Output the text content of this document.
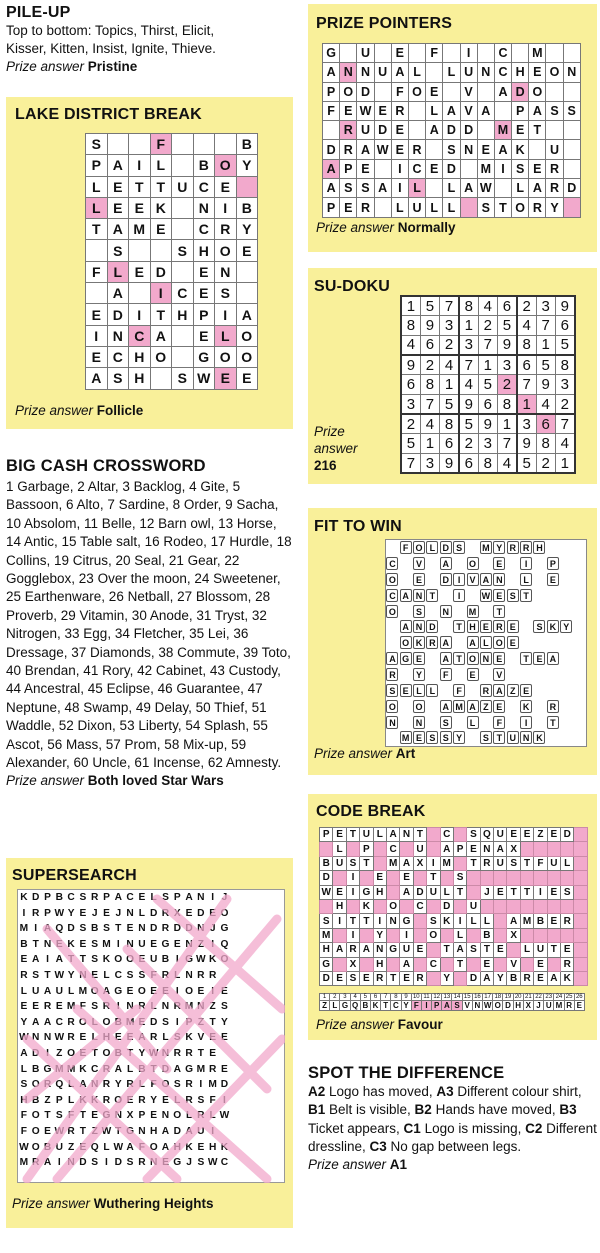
PILE-UP
Top to bottom: Topics, Thirst, Elicit,
Kisser, Kitten, Insist, Ignite, Thieve.
Prize answer Pristine
LAKE DISTRICT BREAK
S			F				B
P	A	I	L		B	O	Y
L	E	T	T	U	C	E	
L	E	E	K		N	I	B
T	A	M	E		C	R	Y
	S			S	H	O	E
F	L	E	D		E	N	
	A		I	C	E	S	
E	D	I	T	H	P	I	A
I	N	C	A		E	L	O
E	C	H	O		G	O	O
A	S	H		S	W	E	E
Prize answer Follicle
BIG CASH CROSSWORD
1 Garbage, 2 Altar, 3 Backlog, 4 Gite, 5 Bassoon, 6 Alto, 7 Sardine, 8 Order, 9 Sacha, 10 Absolom, 11 Belle, 12 Barn owl, 13 Horse, 14 Antic, 15 Table salt, 16 Rodeo, 17 Hurdle, 18 Collins, 19 Citrus, 20 Seal, 21 Gear, 22 Gogglebox, 23 Over the moon, 24 Sweetener, 25 Earthenware, 26 Netball, 27 Blossom, 28 Proverb, 29 Vitamin, 30 Anode, 31 Tryst, 32 Nitrogen, 33 Egg, 34 Fletcher, 35 Lei, 36 Dressage, 37 Diamonds, 38 Commute, 39 Toto, 40 Brendan, 41 Rory, 42 Cabinet, 43 Custody, 44 Ancestral, 45 Eclipse, 46 Guarantee, 47 Neptune, 48 Swamp, 49 Delay, 50 Thief, 51 Waddle, 52 Dixon, 53 Liberty, 54 Splash, 55 Ascot, 56 Mass, 57 Prom, 58 Mix-up, 59 Alexander, 60 Uncle, 61 Incense, 62 Amnesty.
Prize answer Both loved Star Wars
SUPERSEARCH
K D P B C S R P A C E L S P A N I J
I R P W Y E J E J N L D R X E D E O
M I A Q D S B S T E N D R D D N J G
B T N E K E S M I N U E G E N Z I Q
E A I A T T S K O O E U B I G W K O
R S T W Y N E L C S S F R L N R R
L U A U L M O A G E O E E I O E I E
E E R E M F S R I N R L N R M N Z S
Y A A C R O L O B M E D S I P Z T Y
W N N W R E L H E E A R L S K V E E
A D I Z O E T O B T Y W N R R T E
L B G M M K C R A L B T D A G M R E
S O R Q L A N R Y R L F O S R I M D
H B Z P L K K R O E R Y E L R S F I
F O T S F T E G N X P E N O L R L W
F O E W R T Z W T G N H A D A U I
W O B U Z E Q L W A F O A H K E H K
M R A I N D S I D S R N E G J S W C
Prize answer Wuthering Heights
PRIZE POINTERS
G		U		E		F		I		C		M		
A	N	N	U	A	L		L	U	N	C	H	E	O	N
P	O	D		F	O	E		V		A	D	O		
F	E	W	E	R		L	A	V	A		P	A	S	S
	R	U	D	E		A	D	D		M	E	T		
D	R	A	W	E	R		S	N	E	A	K		U	
A	P	E		I	C	E	D		M	I	S	E	R	
A	S	S	A	I	L		L	A	W		L	A	R	D
P	E	R		L	U	L	L		S	T	O	R	Y	
Prize answer Normally
SU-DOKU
1	5	7	8	4	6	2	3	9
8	9	3	1	2	5	4	7	6
4	6	2	3	7	9	8	1	5
9	2	4	7	1	3	6	5	8
6	8	1	4	5	2	7	9	3
3	7	5	9	6	8	1	4	2
2	4	8	5	9	1	3	6	7
5	1	6	2	3	7	9	8	4
7	3	9	6	8	4	5	2	1
Prize answer
216
FIT TO WIN
	F	O	L	D	S		M	Y	R	R	H			
C		V		A		O		E		I		P		
O		E		D	I	V	A	N		L		E		
C	A	N	T		I		W	E	S	T				
O		S		N		M		T						
	A	N	D		T	H	E	R	E		S	K	Y	
	O	K	R	A		A	L	O	E					
A	G	E		A	T	O	N	E		T	E	A		
R		Y		F		E		V						
S	E	L	L		F		R	A	Z	E				
O		O		A	M	A	Z	E		K		R		
N		N		S		L		F		I		T		
	M	E	S	S	Y		S	T	U	N	K			
Prize answer Art
CODE BREAK
P	E	T	U	L	A	N	T		C		S	Q	U	E	E	Z	E	D	
	L		P		C		U		A	P	E	N	A	X					
B	U	S	T		M	A	X	I	M		T	R	U	S	T	F	U	L	
D		I		E		E		T		S									
W	E	I	G	H		A	D	U	L	T		J	E	T	T	I	E	S	
	H		K		O		C		D		U								
S	I	T	T	I	N	G		S	K	I	L	L		A	M	B	E	R	
M		I		Y		I		O		L		B		X					
H	A	R	A	N	G	U	E		T	A	S	T	E		L	U	T	E	
G		X		H		A		C		T		E		V		E		R	
D	E	S	E	R	T	E	R		Y		D	A	Y	B	R	E	A	K	
1	2	3	4	5	6	7	8	9	10	11	12	13	14	15	16	17	18	19	20	21	22	23	24	25	26
Z	L	G	Q	B	K	T	C	Y	F	I	P	A	S	V	N	W	O	D	H	X	J	U	M	R	E
Prize answer Favour
SPOT THE DIFFERENCE
A2 Logo has moved, A3 Different colour shirt, B1 Belt is visible, B2 Hands have moved, B3 Ticket appears, C1 Logo is missing, C2 Different dressline, C3 No gap between legs.
Prize answer A1
